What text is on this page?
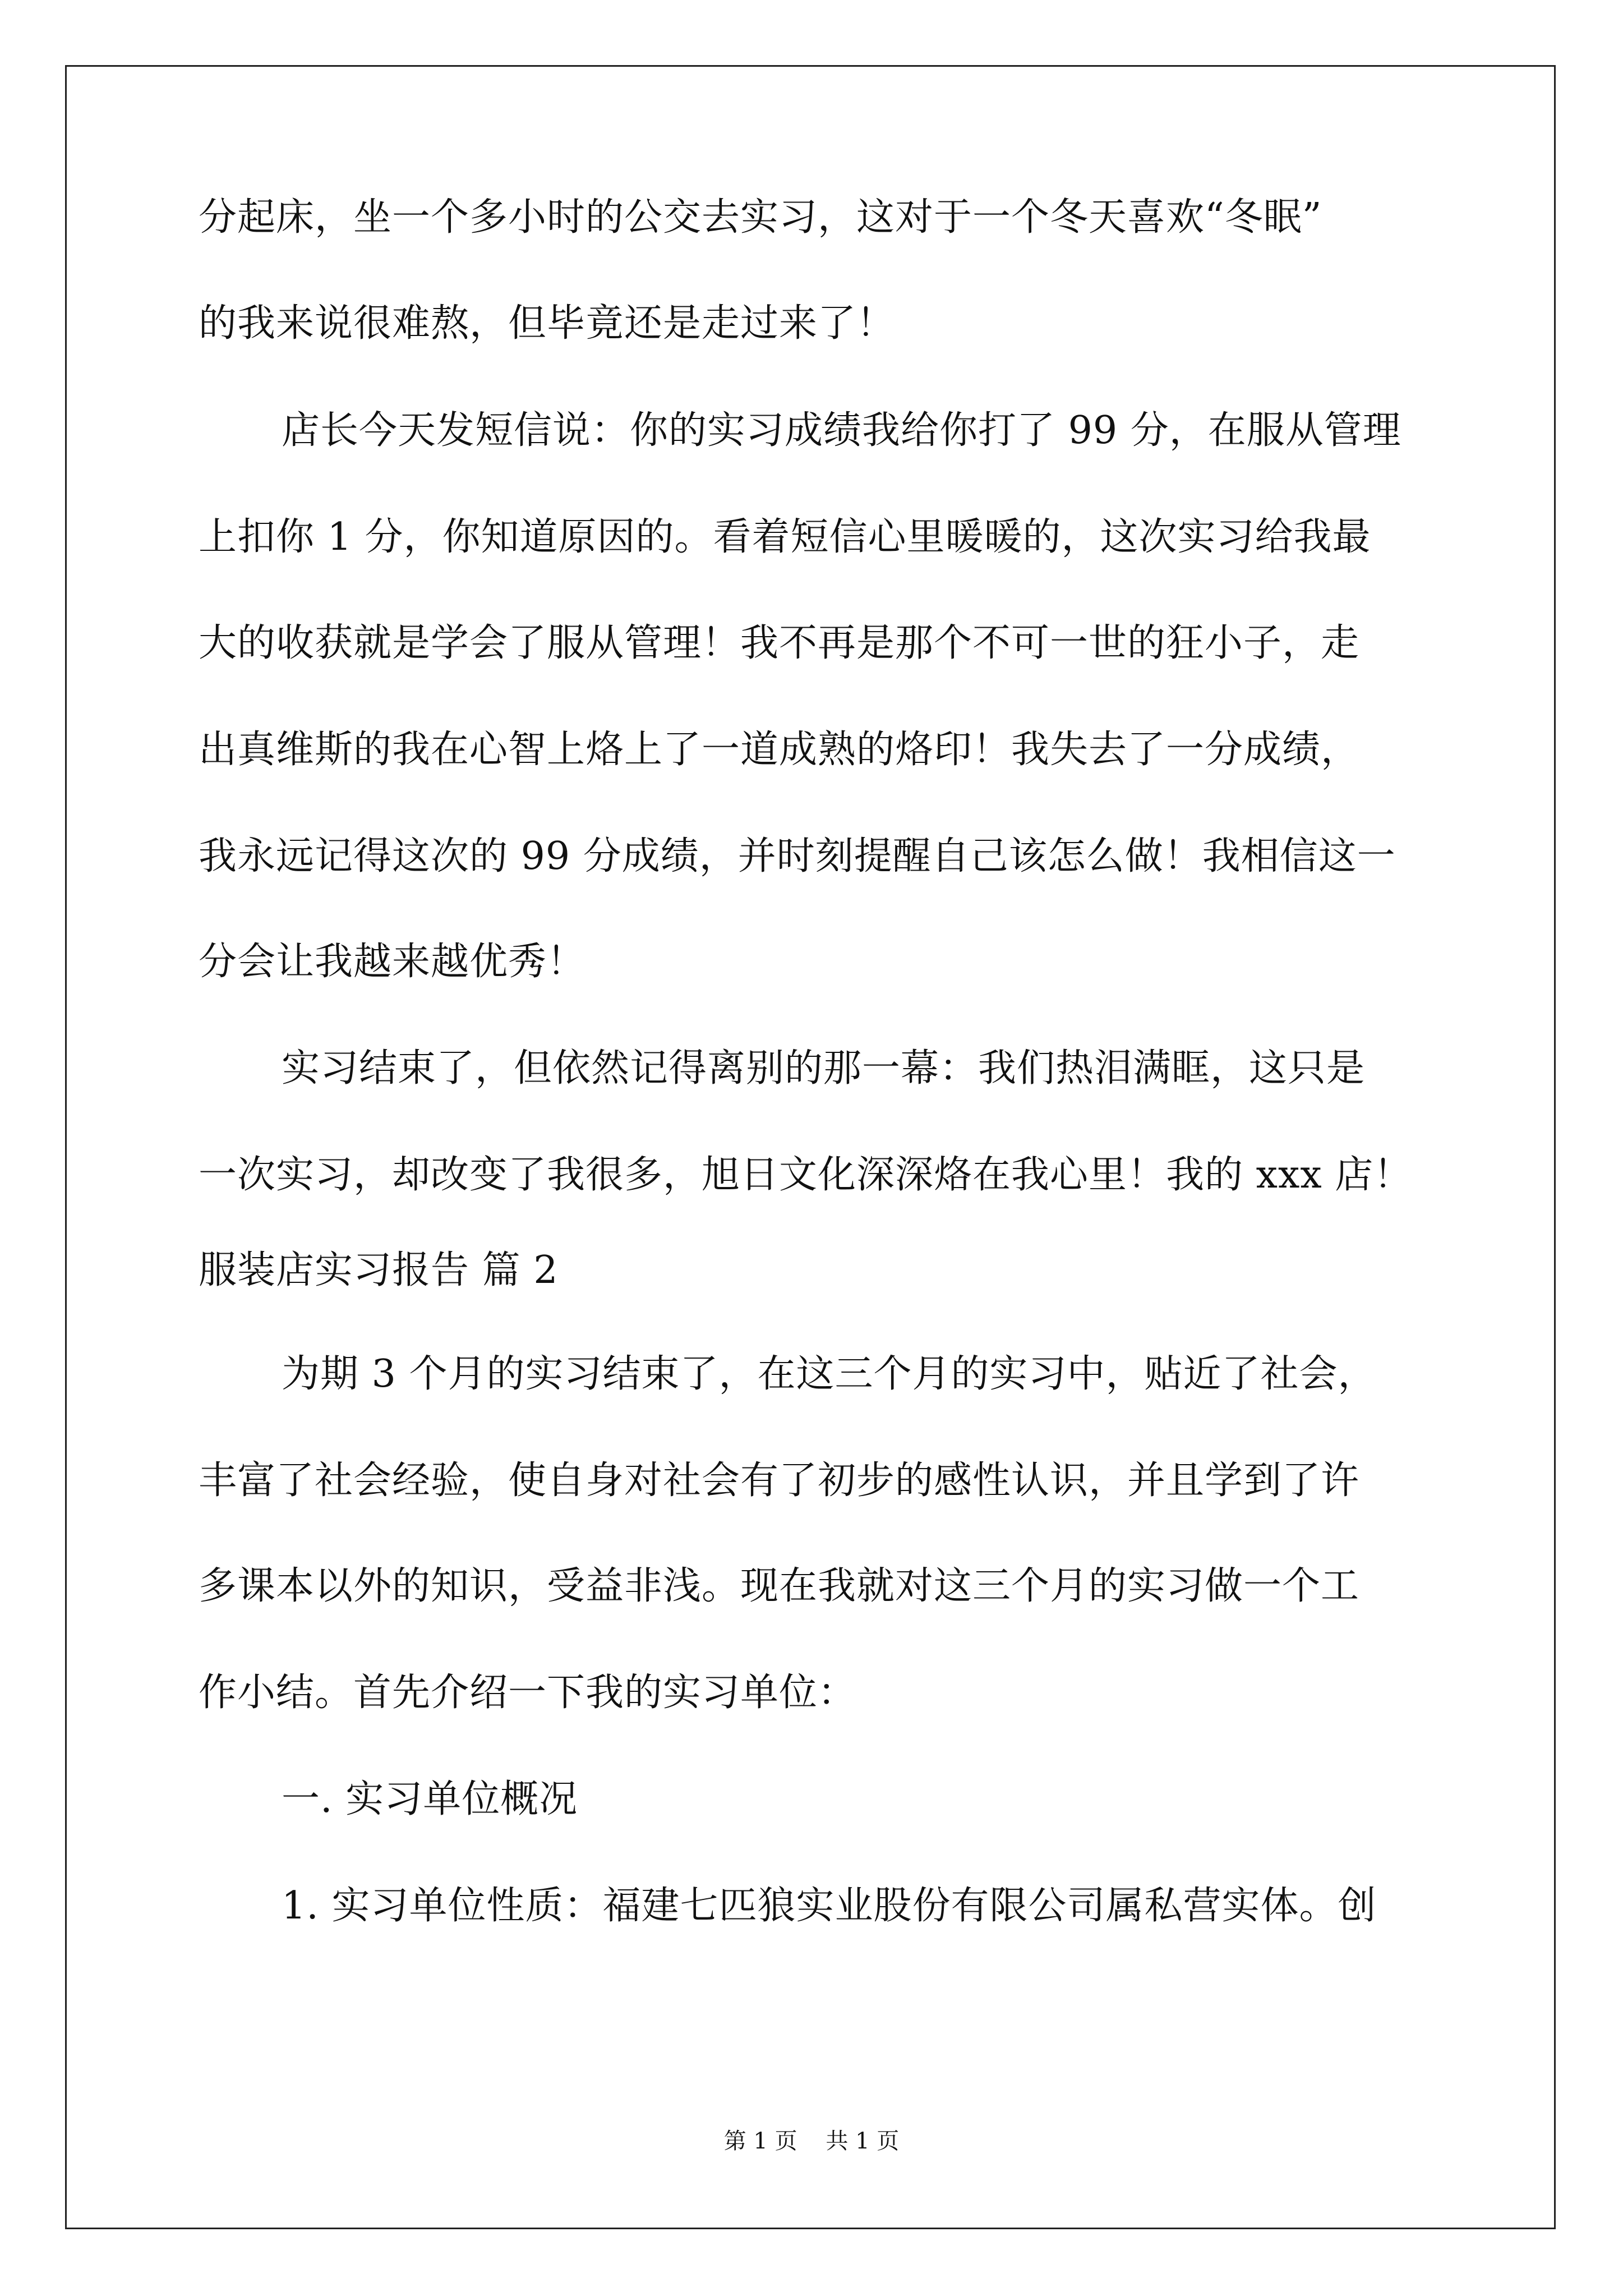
分起床，坐一个多小时的公交去实习，这对于一个冬天喜欢“冬眠”
的我来说很难熬，但毕竟还是走过来了！
店长今天发短信说：你的实习成绩我给你打了 99 分，在服从管理
上扣你 1 分，你知道原因的。看着短信心里暖暖的，这次实习给我最
大的收获就是学会了服从管理！我不再是那个不可一世的狂小子，走
出真维斯的我在心智上烙上了一道成熟的烙印！我失去了一分成绩，
我永远记得这次的 99 分成绩，并时刻提醒自己该怎么做！我相信这一
分会让我越来越优秀！
实习结束了，但依然记得离别的那一幕：我们热泪满眶，这只是
一次实习，却改变了我很多，旭日文化深深烙在我心里！我的 xxx 店！
服装店实习报告 篇 2
为期 3 个月的实习结束了，在这三个月的实习中，贴近了社会，
丰富了社会经验，使自身对社会有了初步的感性认识，并且学到了许
多课本以外的知识，受益非浅。现在我就对这三个月的实习做一个工
作小结。首先介绍一下我的实习单位：
一. 实习单位概况
1. 实习单位性质：福建七匹狼实业股份有限公司属私营实体。创
第 1 页    共 1 页
